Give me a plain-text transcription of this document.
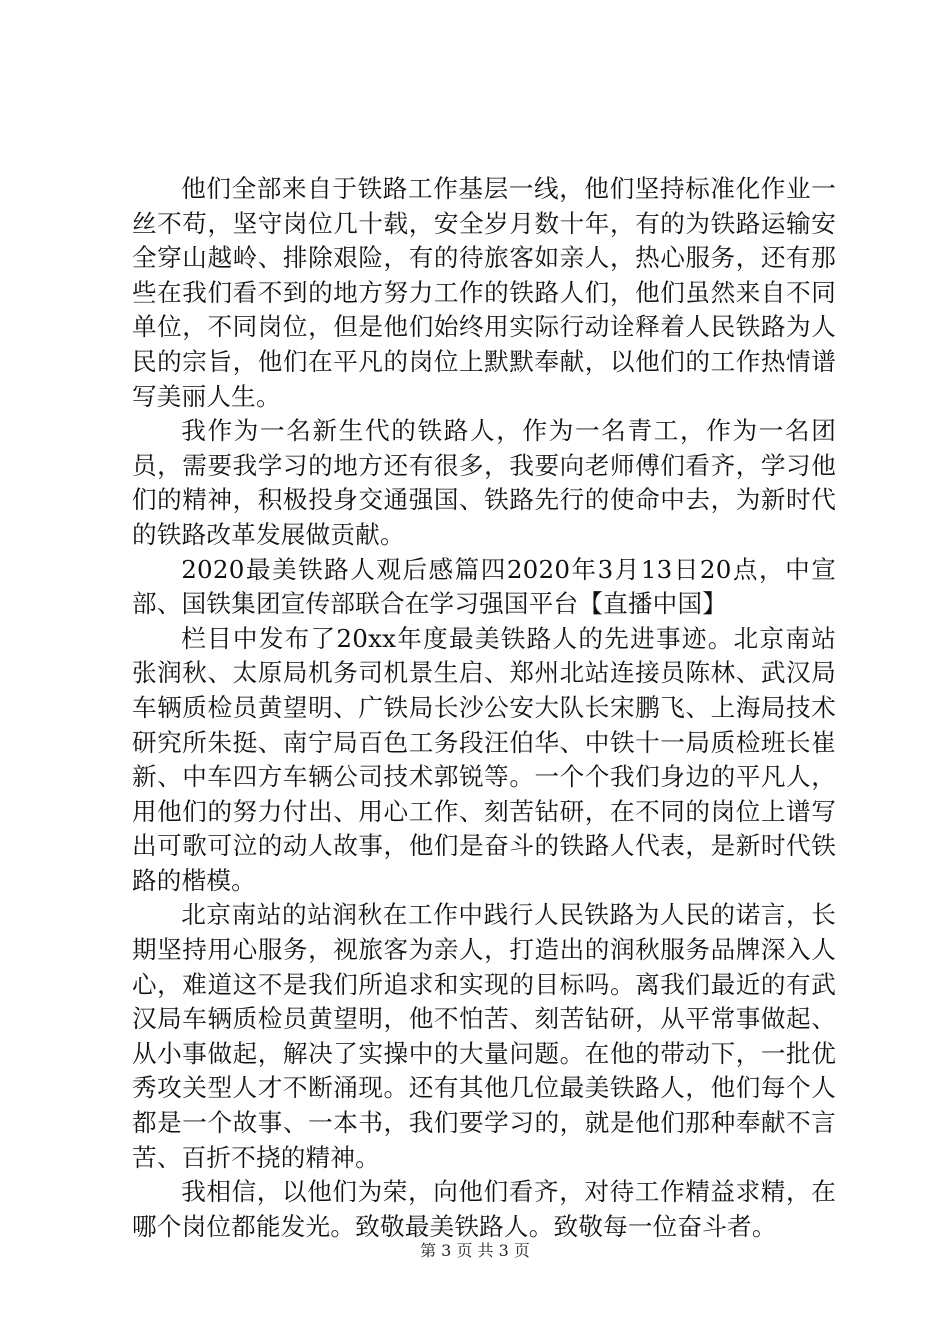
他们全部来自于铁路工作基层一线，他们坚持标准化作业一丝不苟，坚守岗位几十载，安全岁月数十年，有的为铁路运输安全穿山越岭、排除艰险，有的待旅客如亲人，热心服务，还有那些在我们看不到的地方努力工作的铁路人们，他们虽然来自不同单位，不同岗位，但是他们始终用实际行动诠释着人民铁路为人民的宗旨，他们在平凡的岗位上默默奉献，以他们的工作热情谱写美丽人生。

我作为一名新生代的铁路人，作为一名青工，作为一名团员，需要我学习的地方还有很多，我要向老师傅们看齐，学习他们的精神，积极投身交通强国、铁路先行的使命中去，为新时代的铁路改革发展做贡献。

2020最美铁路人观后感篇四2020年3月13日20点，中宣部、国铁集团宣传部联合在学习强国平台【直播中国】

栏目中发布了20xx年度最美铁路人的先进事迹。北京南站张润秋、太原局机务司机景生启、郑州北站连接员陈林、武汉局车辆质检员黄望明、广铁局长沙公安大队长宋鹏飞、上海局技术研究所朱挺、南宁局百色工务段汪伯华、中铁十一局质检班长崔新、中车四方车辆公司技术郭锐等。一个个我们身边的平凡人，用他们的努力付出、用心工作、刻苦钻研，在不同的岗位上谱写出可歌可泣的动人故事，他们是奋斗的铁路人代表，是新时代铁路的楷模。

北京南站的站润秋在工作中践行人民铁路为人民的诺言，长期坚持用心服务，视旅客为亲人，打造出的润秋服务品牌深入人心，难道这不是我们所追求和实现的目标吗。离我们最近的有武汉局车辆质检员黄望明，他不怕苦、刻苦钻研，从平常事做起、从小事做起，解决了实操中的大量问题。在他的带动下，一批优秀攻关型人才不断涌现。还有其他几位最美铁路人，他们每个人都是一个故事、一本书，我们要学习的，就是他们那种奉献不言苦、百折不挠的精神。

我相信，以他们为荣，向他们看齐，对待工作精益求精，在哪个岗位都能发光。致敬最美铁路人。致敬每一位奋斗者。

第 3 页 共 3 页
